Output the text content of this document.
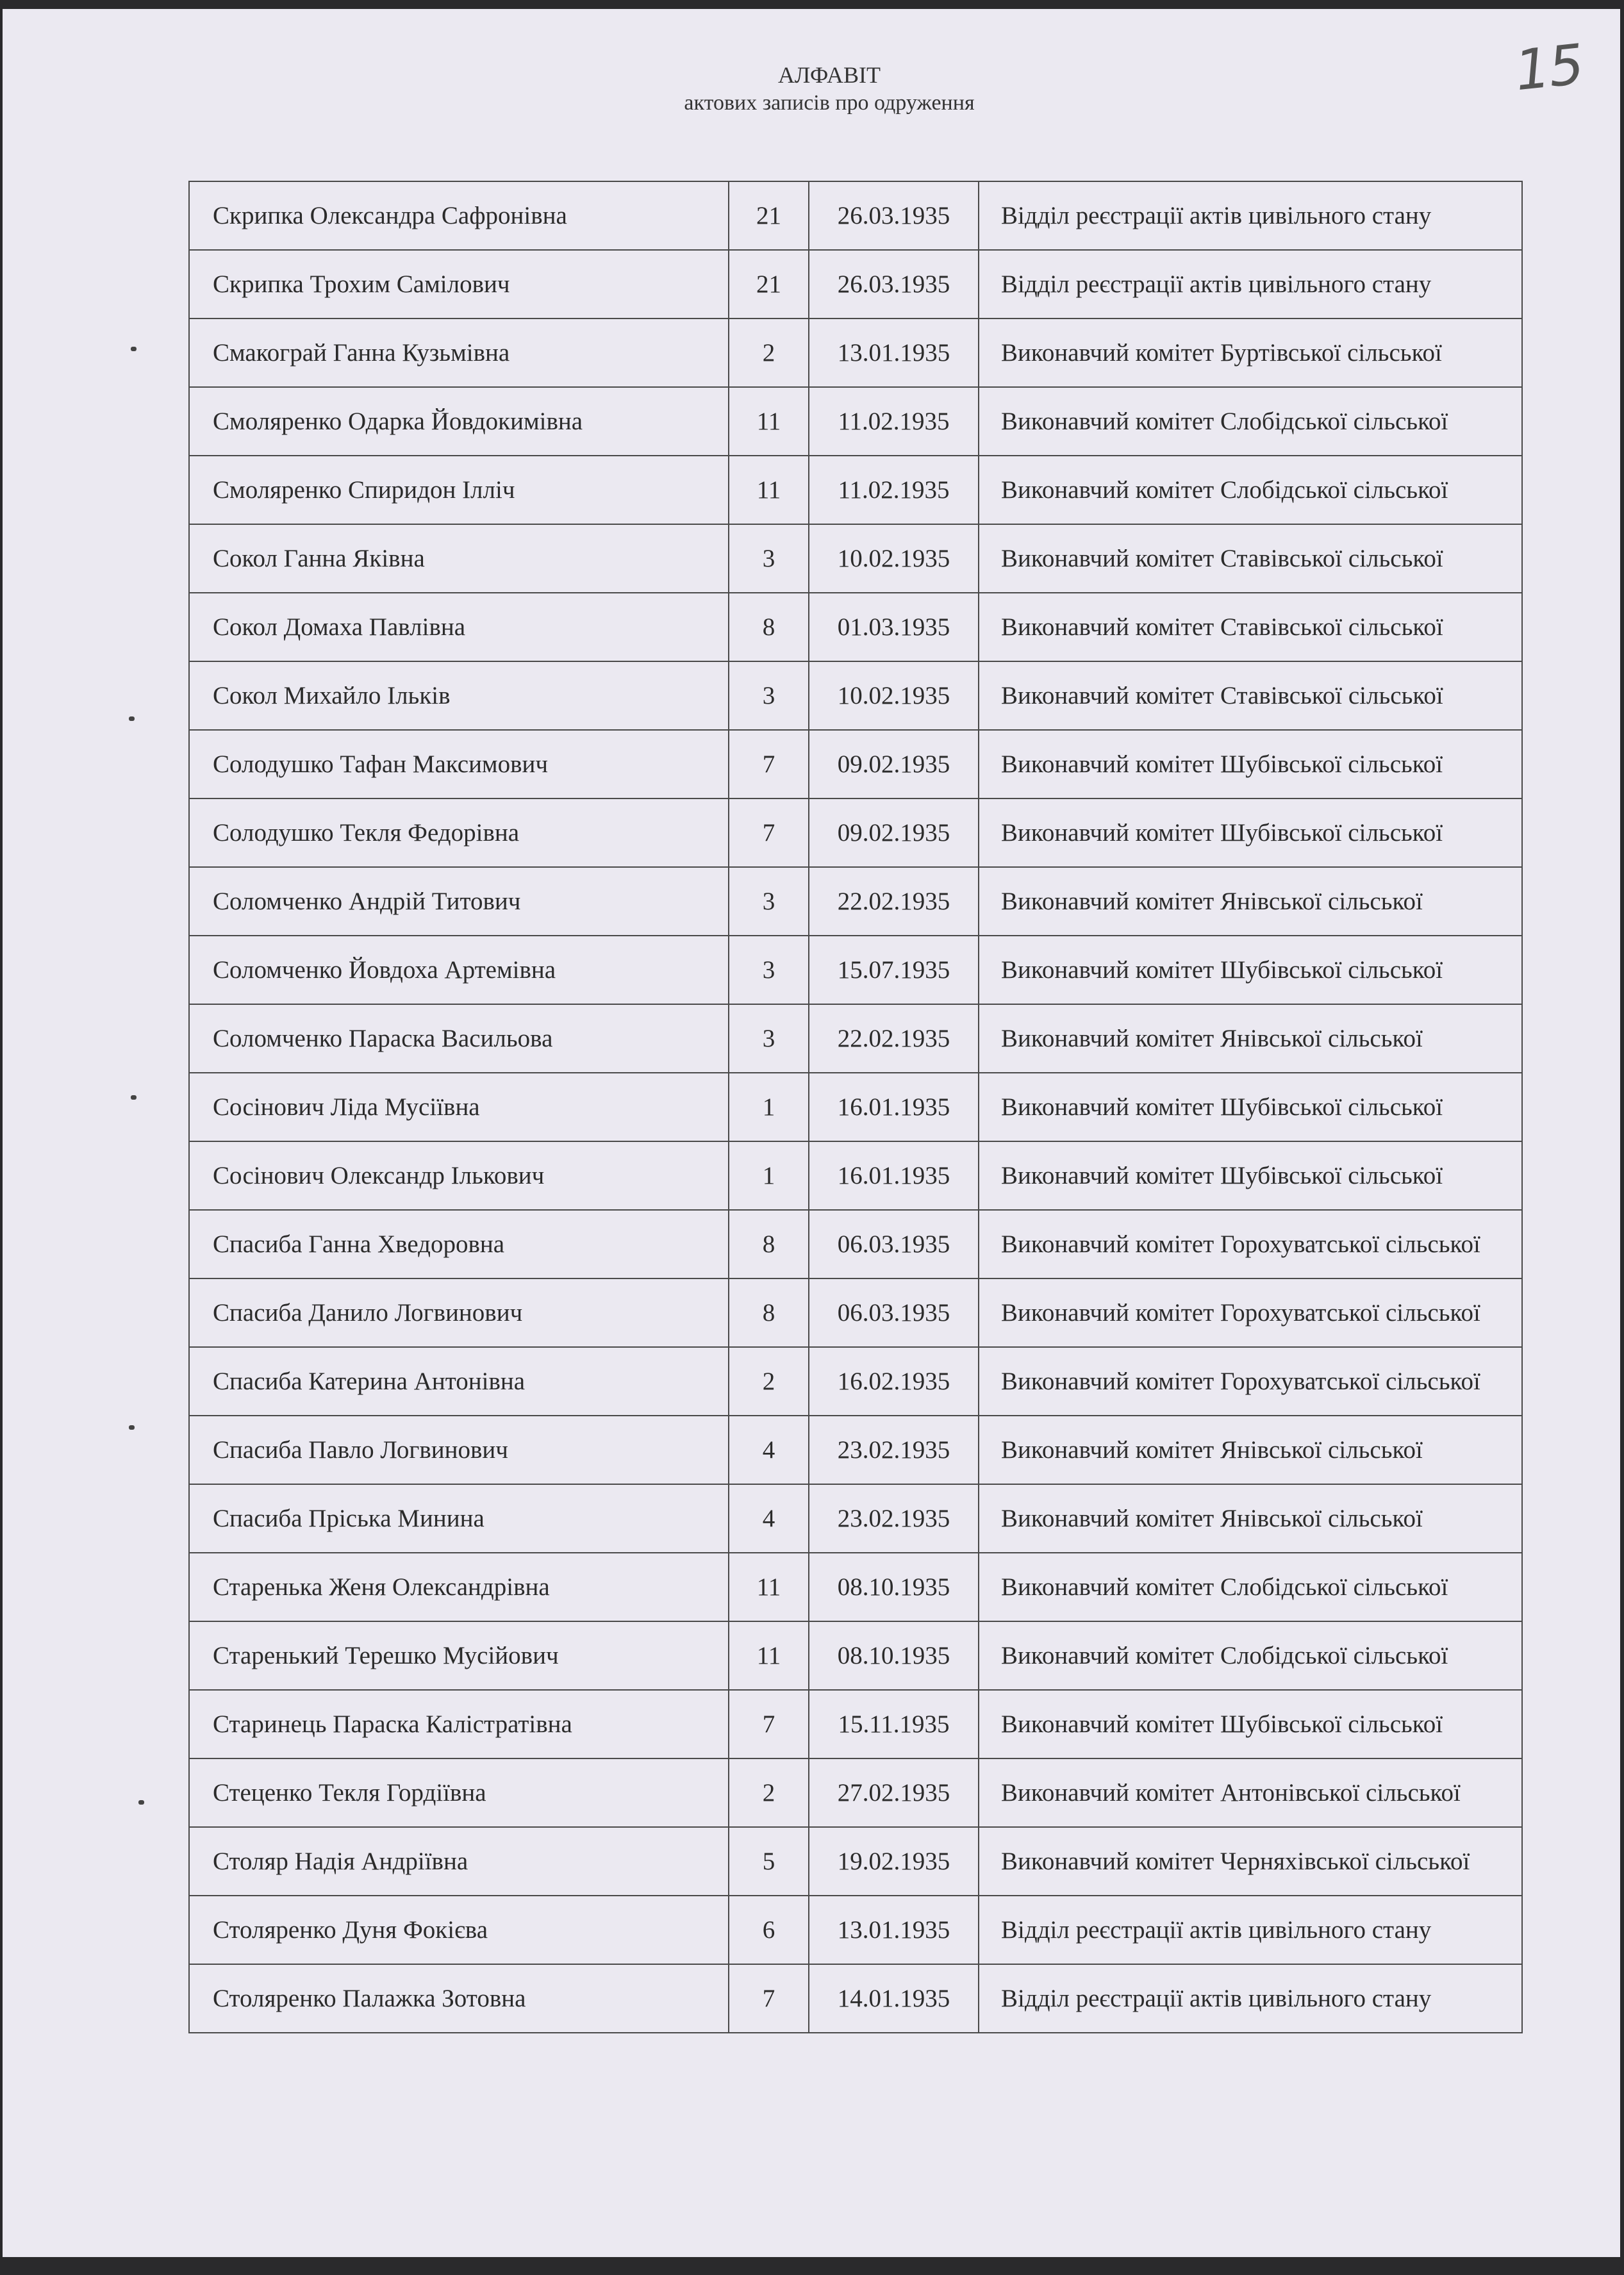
15
АЛФАВІТ
актових записів про одруження
Скрипка Олександра Сафронівна	21	26.03.1935	Відділ реєстрації актів цивільного стану
Скрипка Трохим Самілович	21	26.03.1935	Відділ реєстрації актів цивільного стану
Смакограй Ганна Кузьмівна	2	13.01.1935	Виконавчий комітет Буртівської сільської
Смоляренко Одарка Йовдокимівна	11	11.02.1935	Виконавчий комітет Слобідської сільської
Смоляренко Спиридон Ілліч	11	11.02.1935	Виконавчий комітет Слобідської сільської
Сокол Ганна Яківна	3	10.02.1935	Виконавчий комітет Ставівської сільської
Сокол Домаха Павлівна	8	01.03.1935	Виконавчий комітет Ставівської сільської
Сокол Михайло Ільків	3	10.02.1935	Виконавчий комітет Ставівської сільської
Солодушко Тафан Максимович	7	09.02.1935	Виконавчий комітет Шубівської сільської
Солодушко Текля Федорівна	7	09.02.1935	Виконавчий комітет Шубівської сільської
Соломченко Андрій Титович	3	22.02.1935	Виконавчий комітет Янівської сільської
Соломченко Йовдоха Артемівна	3	15.07.1935	Виконавчий комітет Шубівської сільської
Соломченко Параска Васильова	3	22.02.1935	Виконавчий комітет Янівської сільської
Сосінович Ліда Мусіївна	1	16.01.1935	Виконавчий комітет Шубівської сільської
Сосінович Олександр Ількович	1	16.01.1935	Виконавчий комітет Шубівської сільської
Спасиба Ганна Хведоровна	8	06.03.1935	Виконавчий комітет Горохуватської сільської
Спасиба Данило Логвинович	8	06.03.1935	Виконавчий комітет Горохуватської сільської
Спасиба Катерина Антонівна	2	16.02.1935	Виконавчий комітет Горохуватської сільської
Спасиба Павло Логвинович	4	23.02.1935	Виконавчий комітет Янівської сільської
Спасиба Пріська Минина	4	23.02.1935	Виконавчий комітет Янівської сільської
Старенька Женя Олександрівна	11	08.10.1935	Виконавчий комітет Слобідської сільської
Старенький Терешко Мусійович	11	08.10.1935	Виконавчий комітет Слобідської сільської
Старинець Параска Калістратівна	7	15.11.1935	Виконавчий комітет Шубівської сільської
Стеценко Текля Гордіївна	2	27.02.1935	Виконавчий комітет Антонівської сільської
Столяр Надія Андріївна	5	19.02.1935	Виконавчий комітет Черняхівської сільської
Столяренко Дуня Фокієва	6	13.01.1935	Відділ реєстрації актів цивільного стану
Столяренко Палажка Зотовна	7	14.01.1935	Відділ реєстрації актів цивільного стану
